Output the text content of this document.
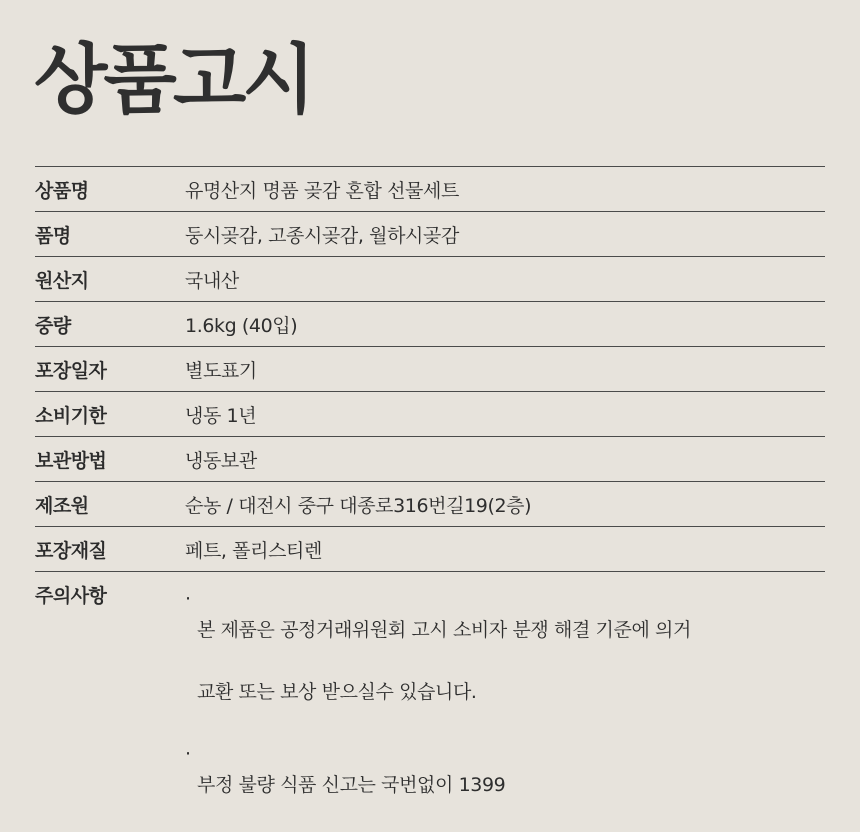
상품고시
상품명	유명산지 명품 곶감 혼합 선물세트
품명	둥시곶감, 고종시곶감, 월하시곶감
원산지	국내산
중량	1.6kg (40입)
포장일자	별도표기
소비기한	냉동 1년
보관방법	냉동보관
제조원	순농 / 대전시 중구 대종로316번길19(2층)
포장재질	페트, 폴리스티렌
주의사항	·

본 제품은 공정거래위원회 고시 소비자 분쟁 해결 기준에 의거

교환 또는 보상 받으실수 있습니다.

·

부정 불량 식품 신고는 국번없이 1399
